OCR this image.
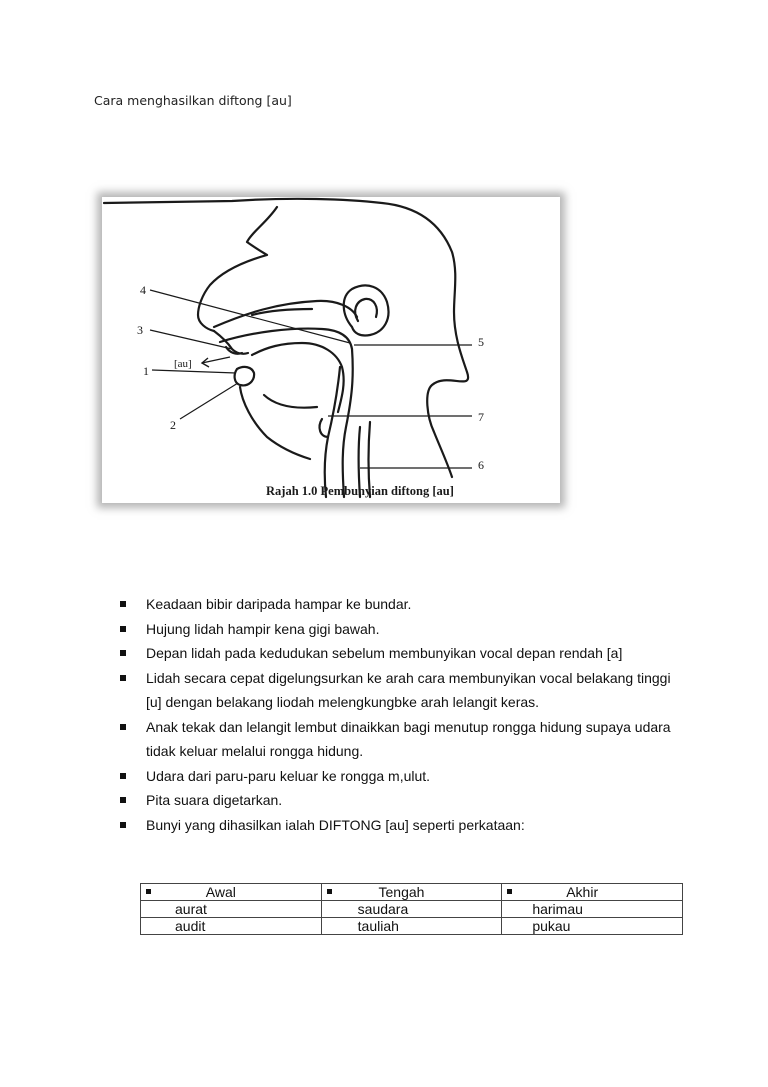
Cara menghasilkan diftong [au]
4
3
1
2
5
7
6
[au]
Rajah 1.0 Pembunyian diftong [au]
Keadaan bibir daripada hampar ke bundar.
Hujung lidah hampir kena gigi bawah.
Depan lidah pada kedudukan sebelum membunyikan vocal depan rendah [a]
Lidah secara cepat digelungsurkan ke arah cara membunyikan vocal belakang tinggi [u] dengan belakang liodah melengkungbke arah lelangit keras.
Anak tekak dan lelangit lembut dinaikkan bagi menutup rongga hidung supaya udara tidak keluar melalui rongga hidung.
Udara dari paru-paru keluar ke rongga m,ulut.
Pita suara digetarkan.
Bunyi yang dihasilkan ialah DIFTONG [au] seperti perkataan:
Awal	Tengah	Akhir

aurat	saudara	harimau
audit	tauliah	pukau
